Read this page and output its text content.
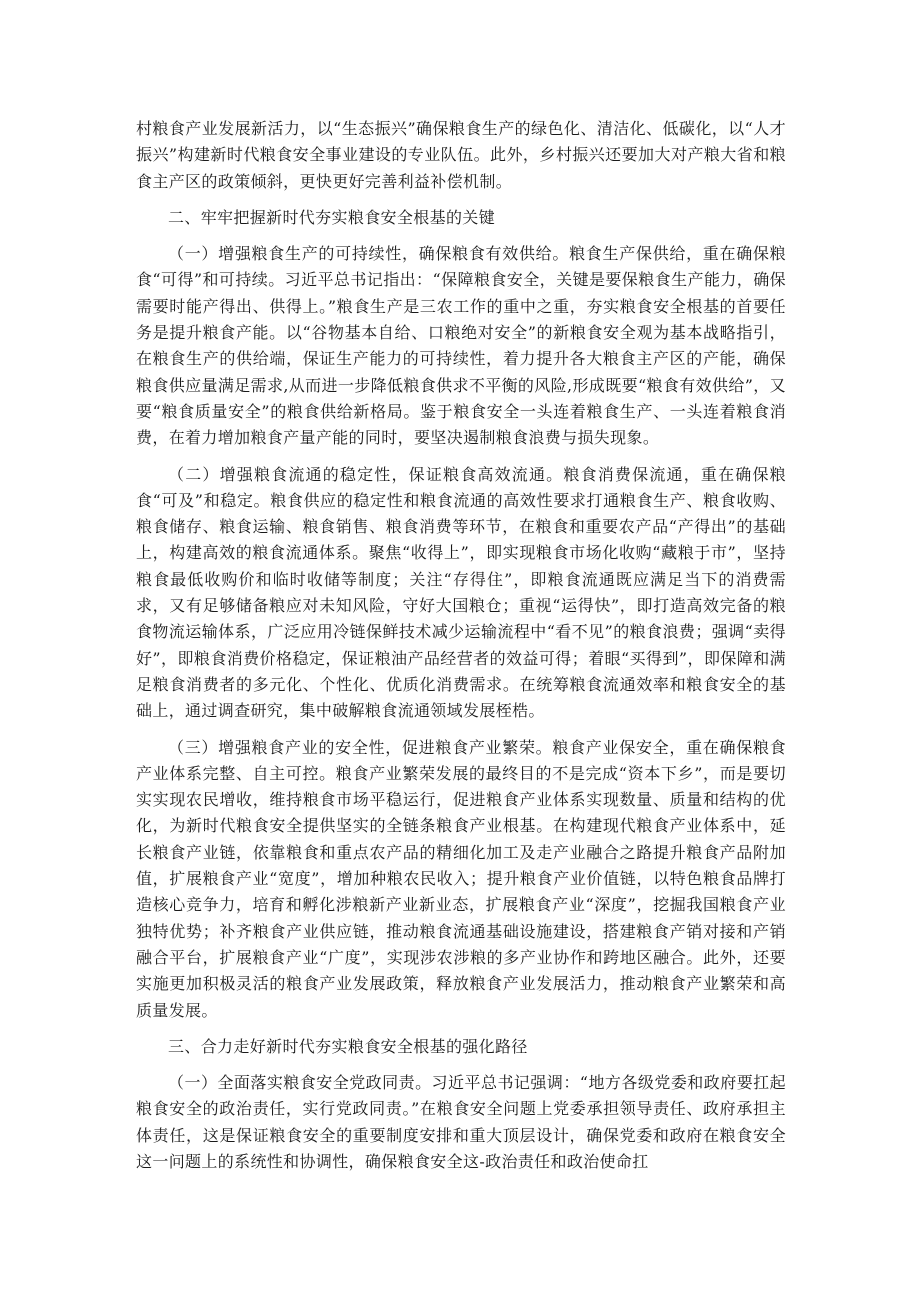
村粮食产业发展新活力，以“生态振兴”确保粮食生产的绿色化、清洁化、低碳化，以“人才振兴”构建新时代粮食安全事业建设的专业队伍。此外，乡村振兴还要加大对产粮大省和粮食主产区的政策倾斜，更快更好完善利益补偿机制。

二、牢牢把握新时代夯实粮食安全根基的关键

（一）增强粮食生产的可持续性，确保粮食有效供给。粮食生产保供给，重在确保粮食“可得”和可持续。习近平总书记指出：“保障粮食安全，关键是要保粮食生产能力，确保需要时能产得出、供得上。”粮食生产是三农工作的重中之重，夯实粮食安全根基的首要任务是提升粮食产能。以“谷物基本自给、口粮绝对安全”的新粮食安全观为基本战略指引，在粮食生产的供给端，保证生产能力的可持续性，着力提升各大粮食主产区的产能，确保粮食供应量满足需求,从而进一步降低粮食供求不平衡的风险,形成既要“粮食有效供给”，又要“粮食质量安全”的粮食供给新格局。鉴于粮食安全一头连着粮食生产、一头连着粮食消费，在着力增加粮食产量产能的同时，要坚决遏制粮食浪费与损失现象。

（二）增强粮食流通的稳定性，保证粮食高效流通。粮食消费保流通，重在确保粮食“可及”和稳定。粮食供应的稳定性和粮食流通的高效性要求打通粮食生产、粮食收购、粮食储存、粮食运输、粮食销售、粮食消费等环节，在粮食和重要农产品“产得出”的基础上，构建高效的粮食流通体系。聚焦“收得上”，即实现粮食市场化收购“藏粮于市”，坚持粮食最低收购价和临时收储等制度；关注“存得住”，即粮食流通既应满足当下的消费需求，又有足够储备粮应对未知风险，守好大国粮仓；重视“运得快”，即打造高效完备的粮食物流运输体系，广泛应用冷链保鲜技术减少运输流程中“看不见”的粮食浪费；强调“卖得好”，即粮食消费价格稳定，保证粮油产品经营者的效益可得；着眼“买得到”，即保障和满足粮食消费者的多元化、个性化、优质化消费需求。在统筹粮食流通效率和粮食安全的基础上，通过调查研究，集中破解粮食流通领域发展桎梏。

（三）增强粮食产业的安全性，促进粮食产业繁荣。粮食产业保安全，重在确保粮食产业体系完整、自主可控。粮食产业繁荣发展的最终目的不是完成“资本下乡”，而是要切实实现农民增收，维持粮食市场平稳运行，促进粮食产业体系实现数量、质量和结构的优化，为新时代粮食安全提供坚实的全链条粮食产业根基。在构建现代粮食产业体系中，延长粮食产业链，依靠粮食和重点农产品的精细化加工及走产业融合之路提升粮食产品附加值，扩展粮食产业“宽度”，增加种粮农民收入；提升粮食产业价值链，以特色粮食品牌打造核心竞争力，培育和孵化涉粮新产业新业态，扩展粮食产业“深度”，挖掘我国粮食产业独特优势；补齐粮食产业供应链，推动粮食流通基础设施建设，搭建粮食产销对接和产销融合平台，扩展粮食产业“广度”，实现涉农涉粮的多产业协作和跨地区融合。此外，还要实施更加积极灵活的粮食产业发展政策，释放粮食产业发展活力，推动粮食产业繁荣和高质量发展。

三、合力走好新时代夯实粮食安全根基的强化路径

（一）全面落实粮食安全党政同责。习近平总书记强调：“地方各级党委和政府要扛起粮食安全的政治责任，实行党政同责。”在粮食安全问题上党委承担领导责任、政府承担主体责任，这是保证粮食安全的重要制度安排和重大顶层设计，确保党委和政府在粮食安全这一问题上的系统性和协调性，确保粮食安全这-政治责任和政治使命扛
